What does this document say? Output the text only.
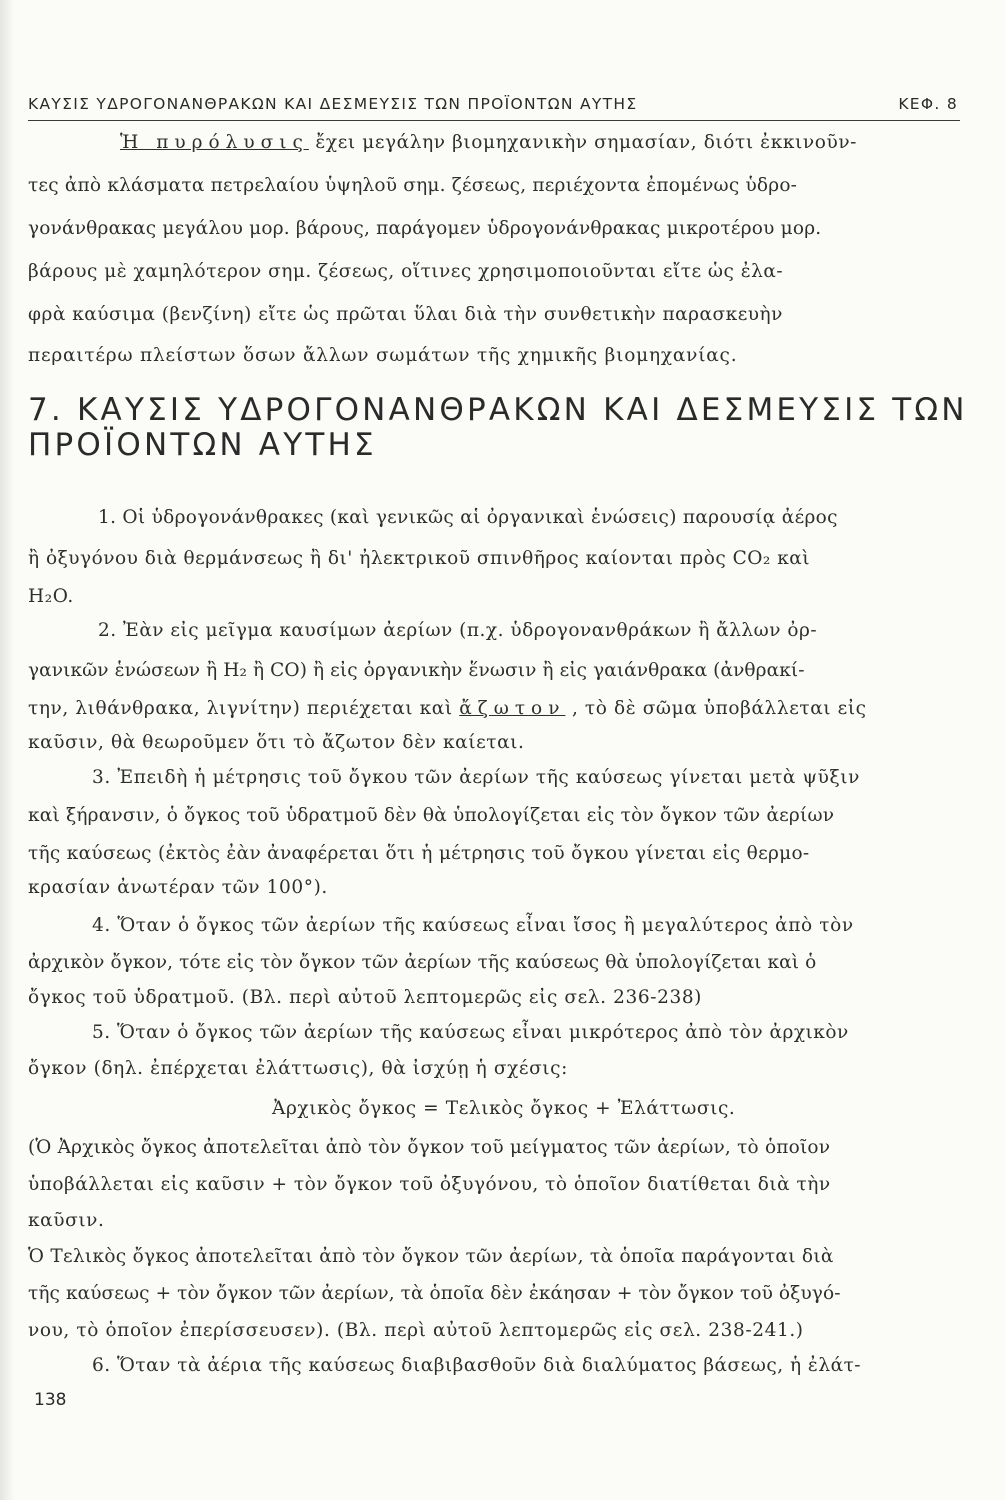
ΚΑΥΣΙΣ ΥΔΡΟΓΟΝΑΝΘΡΑΚΩΝ ΚΑΙ ΔΕΣΜΕΥΣΙΣ ΤΩΝ ΠΡΟΪΟΝΤΩΝ ΑΥΤΗΣ	ΚΕΦ. 8
Ἡ πυρόλυσις ἔχει μεγάλην βιομηχανικὴν σημασίαν, διότι ἐκκινοῦν-
τες ἀπὸ κλάσματα πετρελαίου ὑψηλοῦ σημ. ζέσεως, περιέχοντα ἐπομένως ὑδρο-
γονάνθρακας μεγάλου μορ. βάρους, παράγομεν ὑδρογονάνθρακας μικροτέρου μορ.
βάρους μὲ χαμηλότερον σημ. ζέσεως, οἵτινες χρησιμοποιοῦνται εἴτε ὡς ἐλα-
φρὰ καύσιμα (βενζίνη) εἴτε ὡς πρῶται ὕλαι διὰ τὴν συνθετικὴν παρασκευὴν
περαιτέρω πλείστων ὅσων ἄλλων σωμάτων τῆς χημικῆς βιομηχανίας.
7. ΚΑΥΣΙΣ ΥΔΡΟΓΟΝΑΝΘΡΑΚΩΝ ΚΑΙ ΔΕΣΜΕΥΣΙΣ ΤΩΝ
ΠΡΟΪΟΝΤΩΝ ΑΥΤΗΣ
1. Οἱ ὑδρογονάνθρακες (καὶ γενικῶς αἱ ὀργανικαὶ ἑνώσεις) παρουσίᾳ ἀέρος
ἢ ὀξυγόνου διὰ θερμάνσεως ἢ δι' ἠλεκτρικοῦ σπινθῆρος καίονται πρὸς CO₂ καὶ
H₂O.
2. Ἐὰν εἰς μεῖγμα καυσίμων ἀερίων (π.χ. ὑδρογονανθράκων ἢ ἄλλων ὀρ-
γανικῶν ἑνώσεων ἢ H₂ ἢ CO) ἢ εἰς ὀργανικὴν ἕνωσιν ἢ εἰς γαιάνθρακα (ἀνθρακί-
την, λιθάνθρακα, λιγνίτην) περιέχεται καὶ ἄζωτον , τὸ δὲ σῶμα ὑποβάλλεται εἰς
καῦσιν, θὰ θεωροῦμεν ὅτι τὸ ἄζωτον δὲν καίεται.
3. Ἐπειδὴ ἡ μέτρησις τοῦ ὄγκου τῶν ἀερίων τῆς καύσεως γίνεται μετὰ ψῦξιν
καὶ ξήρανσιν, ὁ ὄγκος τοῦ ὑδρατμοῦ δὲν θὰ ὑπολογίζεται εἰς τὸν ὄγκον τῶν ἀερίων
τῆς καύσεως (ἐκτὸς ἐὰν ἀναφέρεται ὅτι ἡ μέτρησις τοῦ ὄγκου γίνεται εἰς θερμο-
κρασίαν ἀνωτέραν τῶν 100°).
4. Ὅταν ὁ ὄγκος τῶν ἀερίων τῆς καύσεως εἶναι ἴσος ἢ μεγαλύτερος ἀπὸ τὸν
ἀρχικὸν ὄγκον, τότε εἰς τὸν ὄγκον τῶν ἀερίων τῆς καύσεως θὰ ὑπολογίζεται καὶ ὁ
ὄγκος τοῦ ὑδρατμοῦ. (Βλ. περὶ αὐτοῦ λεπτομερῶς εἰς σελ. 236-238)
5. Ὅταν ὁ ὄγκος τῶν ἀερίων τῆς καύσεως εἶναι μικρότερος ἀπὸ τὸν ἀρχικὸν
ὄγκον (δηλ. ἐπέρχεται ἐλάττωσις), θὰ ἰσχύῃ ἡ σχέσις:
Ἀρχικὸς ὄγκος = Τελικὸς ὄγκος + Ἐλάττωσις.
(Ὁ Ἀρχικὸς ὄγκος ἀποτελεῖται ἀπὸ τὸν ὄγκον τοῦ μείγματος τῶν ἀερίων, τὸ ὁποῖον
ὑποβάλλεται εἰς καῦσιν + τὸν ὄγκον τοῦ ὀξυγόνου, τὸ ὁποῖον διατίθεται διὰ τὴν
καῦσιν.
Ὁ Τελικὸς ὄγκος ἀποτελεῖται ἀπὸ τὸν ὄγκον τῶν ἀερίων, τὰ ὁποῖα παράγονται διὰ
τῆς καύσεως + τὸν ὄγκον τῶν ἀερίων, τὰ ὁποῖα δὲν ἐκάησαν + τὸν ὄγκον τοῦ ὀξυγό-
νου, τὸ ὁποῖον ἐπερίσσευσεν). (Βλ. περὶ αὐτοῦ λεπτομερῶς εἰς σελ. 238-241.)
6. Ὅταν τὰ ἀέρια τῆς καύσεως διαβιβασθοῦν διὰ διαλύματος βάσεως, ἡ ἐλάτ-
138
